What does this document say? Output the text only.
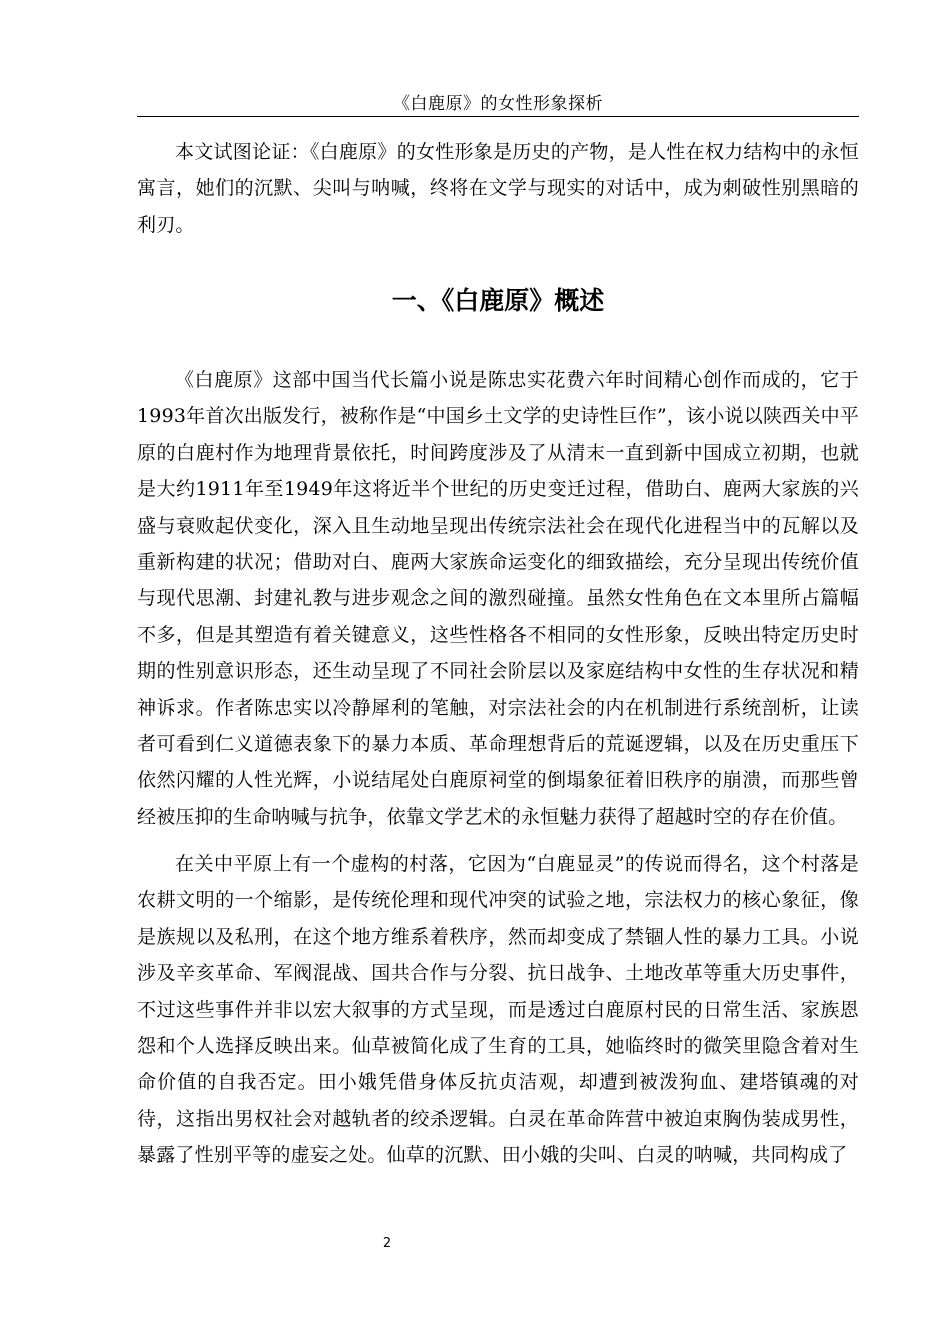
《白鹿原》的女性形象探析

本文试图论证：《白鹿原》的女性形象是历史的产物，是人性在权力结构中的永恒寓言，她们的沉默、尖叫与呐喊，终将在文学与现实的对话中，成为刺破性别黑暗的利刃。

一、《白鹿原》概述

《白鹿原》这部中国当代长篇小说是陈忠实花费六年时间精心创作而成的，它于1993年首次出版发行，被称作是“中国乡土文学的史诗性巨作”，该小说以陕西关中平原的白鹿村作为地理背景依托，时间跨度涉及了从清末一直到新中国成立初期，也就是大约1911年至1949年这将近半个世纪的历史变迁过程，借助白、鹿两大家族的兴盛与衰败起伏变化，深入且生动地呈现出传统宗法社会在现代化进程当中的瓦解以及重新构建的状况；借助对白、鹿两大家族命运变化的细致描绘，充分呈现出传统价值与现代思潮、封建礼教与进步观念之间的激烈碰撞。虽然女性角色在文本里所占篇幅不多，但是其塑造有着关键意义，这些性格各不相同的女性形象，反映出特定历史时期的性别意识形态，还生动呈现了不同社会阶层以及家庭结构中女性的生存状况和精神诉求。作者陈忠实以冷静犀利的笔触，对宗法社会的内在机制进行系统剖析，让读者可看到仁义道德表象下的暴力本质、革命理想背后的荒诞逻辑，以及在历史重压下依然闪耀的人性光辉，小说结尾处白鹿原祠堂的倒塌象征着旧秩序的崩溃，而那些曾经被压抑的生命呐喊与抗争，依靠文学艺术的永恒魅力获得了超越时空的存在价值。

在关中平原上有一个虚构的村落，它因为“白鹿显灵”的传说而得名，这个村落是农耕文明的一个缩影，是传统伦理和现代冲突的试验之地，宗法权力的核心象征，像是族规以及私刑，在这个地方维系着秩序，然而却变成了禁锢人性的暴力工具。小说涉及辛亥革命、军阀混战、国共合作与分裂、抗日战争、土地改革等重大历史事件，不过这些事件并非以宏大叙事的方式呈现，而是透过白鹿原村民的日常生活、家族恩怨和个人选择反映出来。仙草被简化成了生育的工具，她临终时的微笑里隐含着对生命价值的自我否定。田小娥凭借身体反抗贞洁观，却遭到被泼狗血、建塔镇魂的对待，这指出男权社会对越轨者的绞杀逻辑。白灵在革命阵营中被迫束胸伪装成男性，暴露了性别平等的虚妄之处。仙草的沉默、田小娥的尖叫、白灵的呐喊，共同构成了

2
